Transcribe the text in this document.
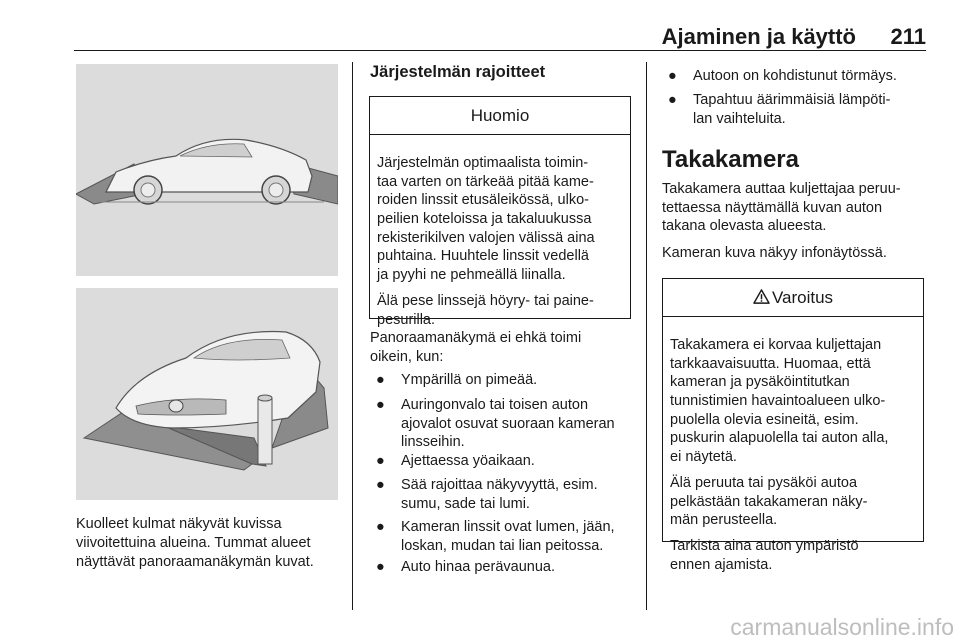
Ajaminen ja käyttö	211
Kuolleet kulmat näkyvät kuvissa
viivoitettuina alueina. Tummat alueet
näyttävät panoraamanäkymän kuvat.
Järjestelmän rajoitteet
Huomio

Järjestelmän optimaalista toimin-
taa varten on tärkeää pitää kame-
roiden linssit etusäleikössä, ulko-
peilien koteloissa ja takaluukussa
rekisterikilven valojen välissä aina
puhtaina. Huuhtele linssit vedellä
ja pyyhi ne pehmeällä liinalla.

Älä pese linssejä höyry- tai paine-
pesurilla.

Panoraamanäkymä ei ehkä toimi
oikein, kun:
● Ympärillä on pimeää.
● Auringonvalo tai toisen auton
ajovalot osuvat suoraan kameran
linsseihin.
● Ajettaessa yöaikaan.
● Sää rajoittaa näkyvyyttä, esim.
sumu, sade tai lumi.
● Kameran linssit ovat lumen, jään,
loskan, mudan tai lian peitossa.
● Auto hinaa perävaunua.
● Autoon on kohdistunut törmäys.
● Tapahtuu äärimmäisiä lämpöti-
lan vaihteluita.
Takakamera
Takakamera auttaa kuljettajaa peruu-
tettaessa näyttämällä kuvan auton
takana olevasta alueesta.
Kameran kuva näkyy infonäytössä.
Varoitus

Takakamera ei korvaa kuljettajan
tarkkaavaisuutta. Huomaa, että
kameran ja pysäköintitutkan
tunnistimien havaintoalueen ulko-
puolella olevia esineitä, esim.
puskurin alapuolella tai auton alla,
ei näytetä.

Älä peruuta tai pysäköi autoa
pelkästään takakameran näky-
män perusteella.

Tarkista aina auton ympäristö
ennen ajamista.

carmanualsonline.info
